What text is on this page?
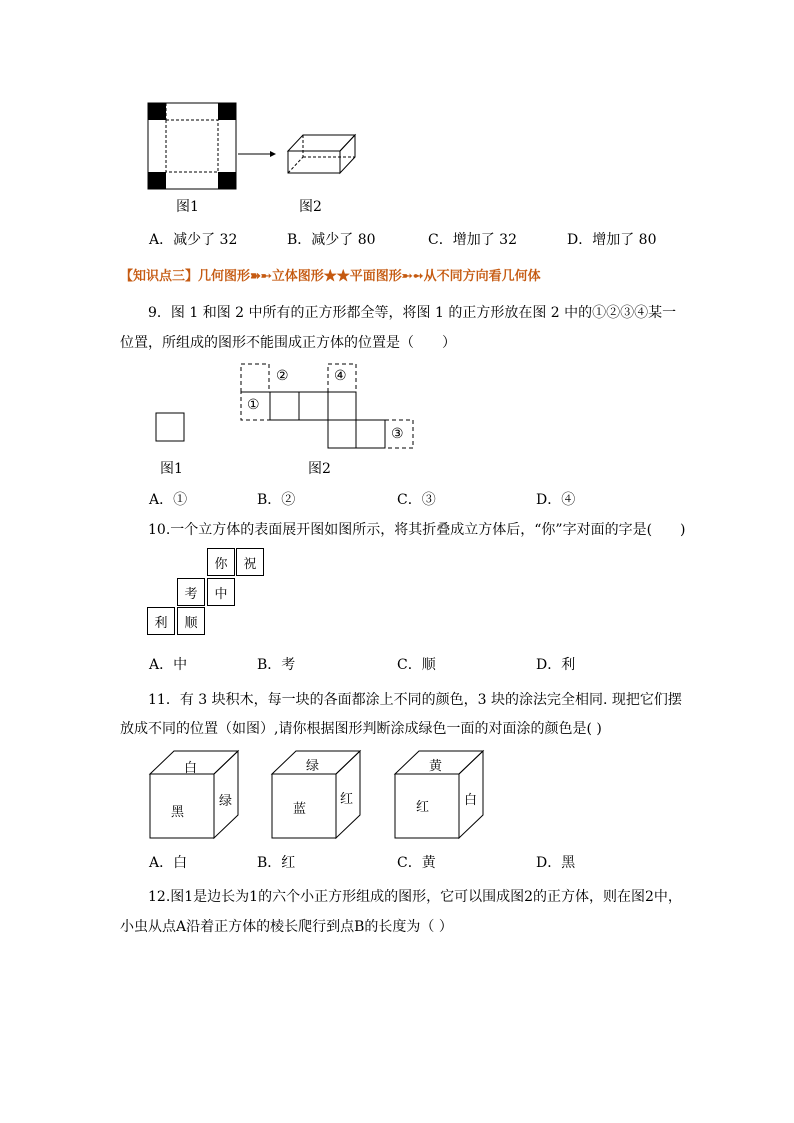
图1	图2
A．减少了 32	B．减少了 80	C．增加了 32	D．增加了 80
【知识点三】几何图形➽➸立体图形★★平面图形➵➻从不同方向看几何体
9．图 1 和图 2 中所有的正方形都全等，将图 1 的正方形放在图 2 中的①②③④某一
位置，所组成的图形不能围成正方体的位置是（　　）
①
②
③
④
图1	图2
A．①	B．②	C．③	D．④
10.一个立方体的表面展开图如图所示，将其折叠成立方体后，“你”字对面的字是(　　)
你	祝
考	中
利	顺
A．中	B．考	C．顺	D．利
11．有 3 块积木，每一块的各面都涂上不同的颜色，3 块的涂法完全相同. 现把它们摆
放成不同的位置（如图）,请你根据图形判断涂成绿色一面的对面涂的颜色是( )
白
黑
绿
绿
蓝
红
黄
红	白
A．白	B．红	C．黄	D．黑
12.图1是边长为1的六个小正方形组成的图形，它可以围成图2的正方体，则在图2中，
小虫从点A沿着正方体的棱长爬行到点B的长度为（ ）
